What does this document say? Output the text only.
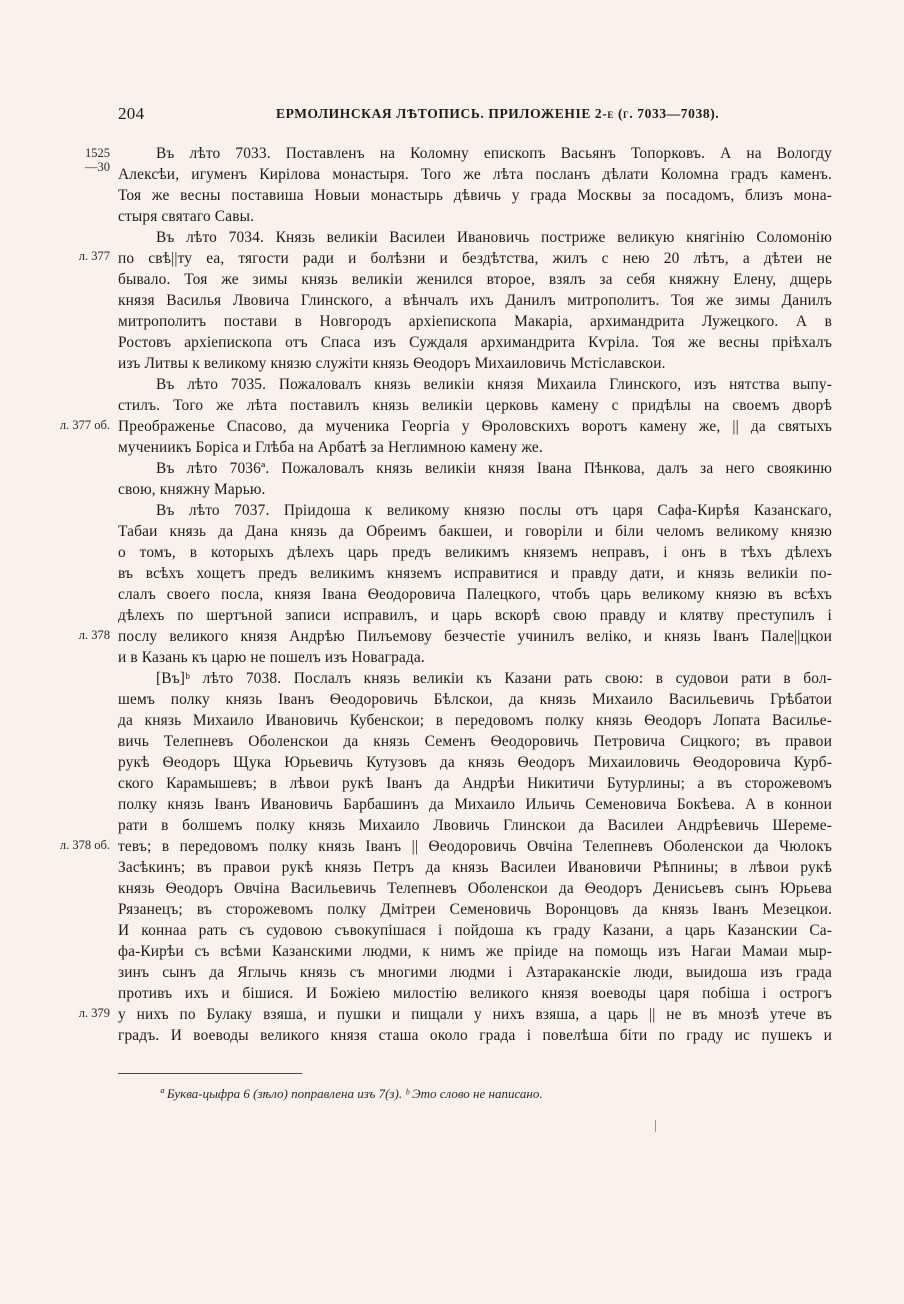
204	ЕРМОЛИНСКАЯ ЛѢТОПИСЬ. ПРИЛОЖЕНІЕ 2-е (г. 7033—7038).
1525
—30
л. 377
л. 377 об.
л. 378
л. 378 об.
л. 379
Въ лѣто 7033. Поставленъ на Коломну епископъ Васьянъ Топорковъ. А на Вологду
Алексѣи, игуменъ Кирілова монастыря. Того же лѣта посланъ дѣлати Коломна градъ каменъ.
Тоя же весны поставиша Новыи монастырь дѣвичь у града Москвы за посадомъ, близъ мона-
стыря святаго Савы.
Въ лѣто 7034. Князь великіи Василеи Ивановичь постриже великую княгінію Соломонію
по свѣ||ту еа, тягости ради и болѣзни и бездѣтства, жилъ с нею 20 лѣтъ, а дѣтеи не
бывало. Тоя же зимы князь великіи женился второе, взялъ за себя княжну Елену, дщерь
князя Василья Лвовича Глинского, а вѣнчалъ ихъ Данилъ митрополитъ. Тоя же зимы Данилъ
митрополитъ постави в Новгородъ архіепископа Макаріа, архимандрита Лужецкого. А в
Ростовъ архіепископа отъ Спаса изъ Суждаля архимандрита Кѵріла. Тоя же весны пріѣхалъ
изъ Литвы к великому князю служіти князь Ѳеодоръ Михаиловичь Мстіславскои.
Въ лѣто 7035. Пожаловалъ князь великіи князя Михаила Глинского, изъ нятства выпу-
стилъ. Того же лѣта поставилъ князь великіи церковь камену с придѣлы на своемъ дворѣ
Преображенье Спасово, да мученика Георгіа у Ѳроловскихъ воротъ камену же, || да святыхъ
мучениикъ Боріса и Глѣба на Арбатѣ за Неглимною камену же.
Въ лѣто 7036ª. Пожаловалъ князь великіи князя Івана Пѣнкова, далъ за него своякиню
свою, княжну Марью.
Въ лѣто 7037. Пріидоша к великому князю послы отъ царя Сафа-Кирѣя Казанскаго,
Табаи князь да Дана князь да Обреимъ бакшеи, и говоріли и біли челомъ великому князю
о томъ, в которыхъ дѣлехъ царь предъ великимъ княземъ неправъ, і онъ в тѣхъ дѣлехъ
въ всѣхъ хощетъ предъ великимъ княземъ исправитися и правду дати, и князь великіи по-
слалъ своего посла, князя Івана Ѳеодоровича Палецкого, чтобъ царь великому князю въ всѣхъ
дѣлехъ по шертъной записи исправилъ, и царь вскорѣ свою правду и клятву преступилъ і
послу великого князя Андрѣю Пилъемову безчестіе учинилъ веліко, и князь Іванъ Пале||цкои
и в Казань къ царю не пошелъ изъ Новаграда.
[Въ]ᵇ лѣто 7038. Послалъ князь великіи къ Казани рать свою: в судовои рати в бол-
шемъ полку князь Іванъ Ѳеодоровичь Бѣлскои, да князь Михаило Васильевичь Грѣбатои
да князь Михаило Ивановичь Кубенскои; в передовомъ полку князь Ѳеодоръ Лопата Василье-
вичь Телепневъ Оболенскои да князь Семенъ Ѳеодоровичь Петровича Сицкого; въ правои
рукѣ Ѳеодоръ Щука Юрьевичь Кутузовъ да князь Ѳеодоръ Михаиловичь Ѳеодоровича Курб-
ского Карамышевъ; в лѣвои рукѣ Іванъ да Андрѣи Никитичи Бутурлины; а въ сторожевомъ
полку князь Іванъ Ивановичь Барбашинъ да Михаило Ильичь Семеновича Бокѣева. А в коннои
рати в болшемъ полку князь Михаило Лвовичь Глинскои да Василеи Андрѣевичь Шереме-
тевъ; в передовомъ полку князь Іванъ || Ѳеодоровичь Овчіна Телепневъ Оболенскои да Чюлокъ
Засѣкинъ; въ правои рукѣ князь Петръ да князь Василеи Ивановичи Рѣпнины; в лѣвои рукѣ
князь Ѳеодоръ Овчіна Васильевичь Телепневъ Оболенскои да Ѳеодоръ Денисьевъ сынъ Юрьева
Рязанецъ; въ сторожевомъ полку Дмітреи Семеновичь Воронцовъ да князь Іванъ Мезецкои.
И коннаа рать съ судовою съвокупішася і пойдоша къ граду Казани, а царь Казанскии Са-
фа-Кирѣи съ всѣми Казанскими людми, к нимъ же пріиде на помощь изъ Нагаи Мамаи мыр-
зинъ сынъ да Яглычь князь съ многими людми і Азтараканскіе люди, выидоша изъ града
противъ ихъ и бішися. И Божіею милостію великого князя воеводы царя побіша і острогъ
у нихъ по Булаку взяша, и пушки и пищали у нихъ взяша, а царь || не въ мнозѣ утече въ
градъ. И воеводы великого князя сташа около града і повелѣша біти по граду ис пушекъ и
ª Буква-цыфра 6 (зѣло) поправлена изъ 7(з). ᵇ Это слово не написано.
